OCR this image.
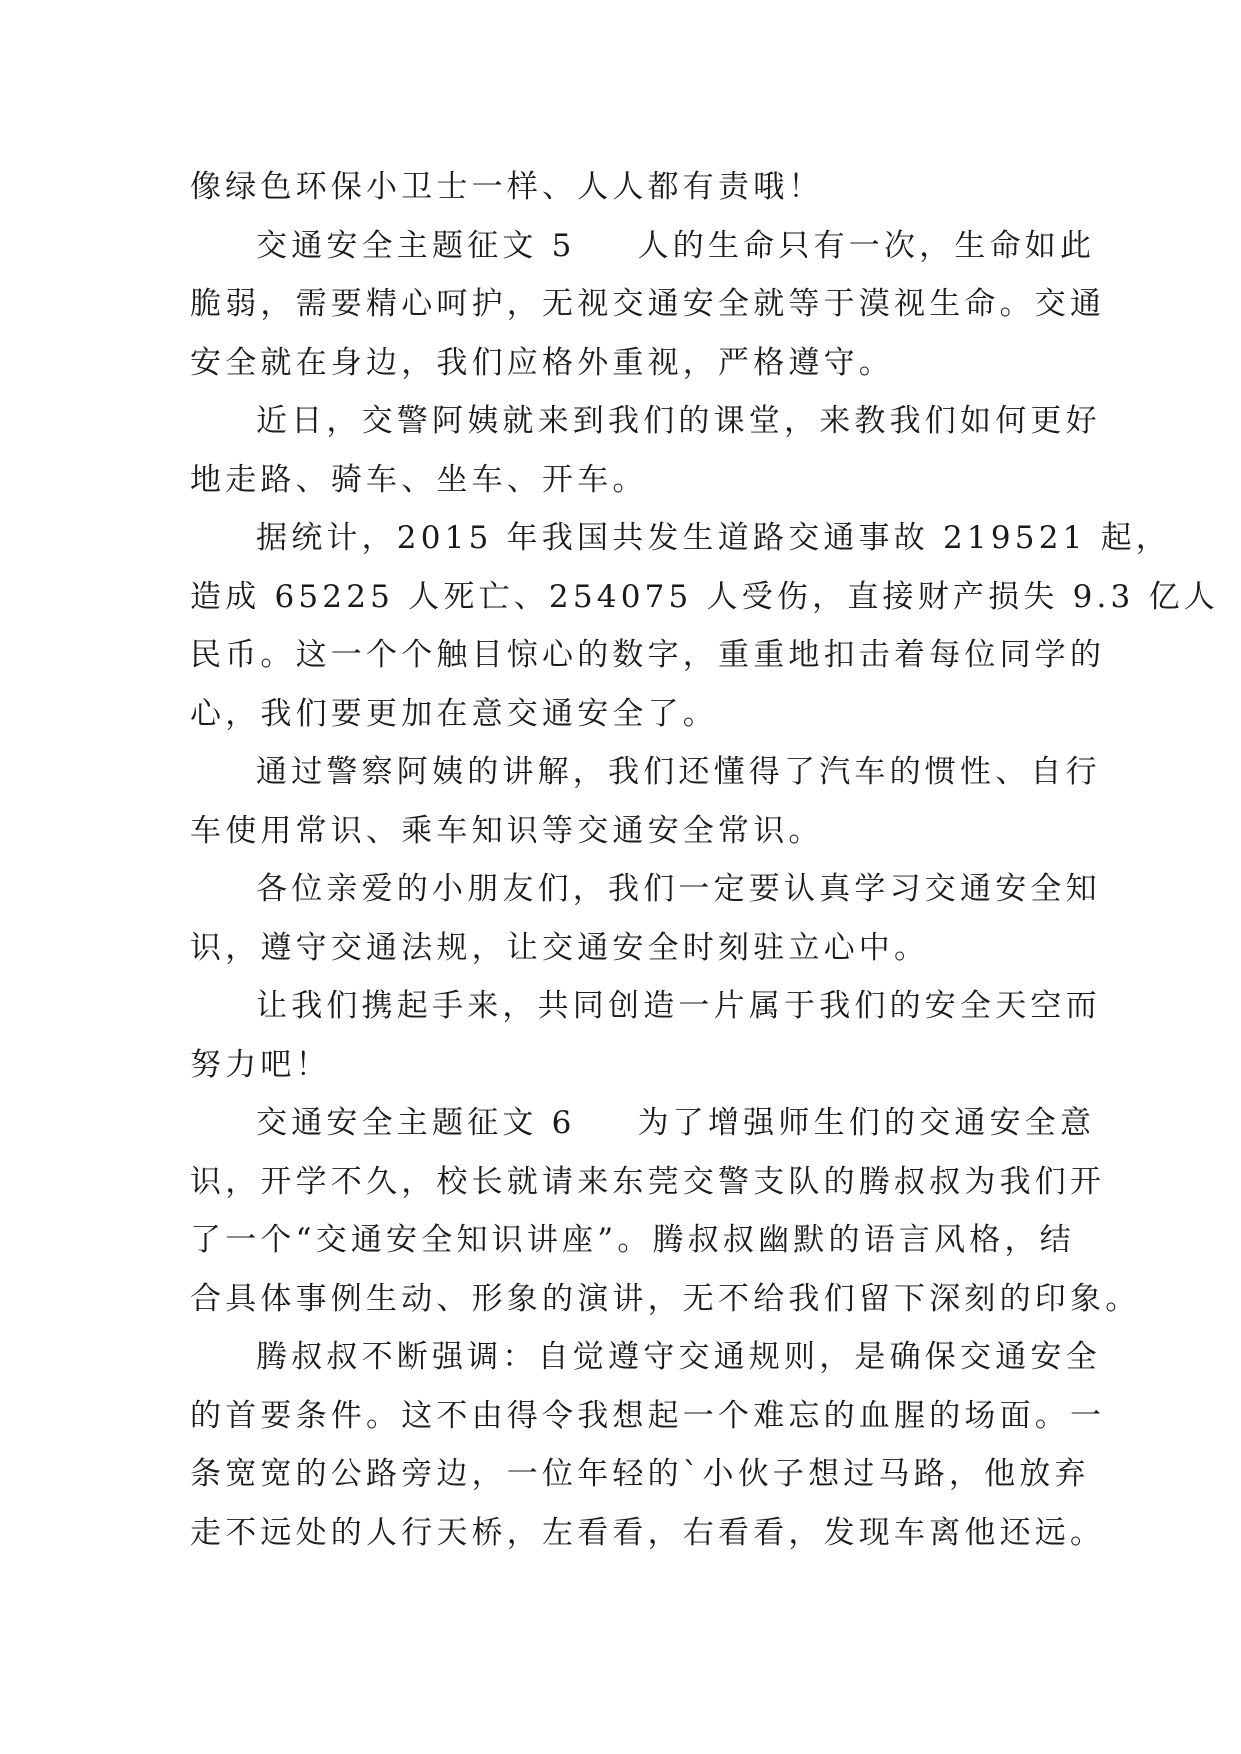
像绿色环保小卫士一样、人人都有责哦！
交通安全主题征文 5 人的生命只有一次，生命如此
脆弱，需要精心呵护，无视交通安全就等于漠视生命。交通
安全就在身边，我们应格外重视，严格遵守。
近日，交警阿姨就来到我们的课堂，来教我们如何更好
地走路、骑车、坐车、开车。
据统计，2015 年我国共发生道路交通事故 219521 起，
造成 65225 人死亡、254075 人受伤，直接财产损失 9.3 亿人
民币。这一个个触目惊心的数字，重重地扣击着每位同学的
心，我们要更加在意交通安全了。
通过警察阿姨的讲解，我们还懂得了汽车的惯性、自行
车使用常识、乘车知识等交通安全常识。
各位亲爱的小朋友们，我们一定要认真学习交通安全知
识，遵守交通法规，让交通安全时刻驻立心中。
让我们携起手来，共同创造一片属于我们的安全天空而
努力吧！
交通安全主题征文 6 为了增强师生们的交通安全意
识，开学不久，校长就请来东莞交警支队的腾叔叔为我们开
了一个“交通安全知识讲座”。腾叔叔幽默的语言风格，结
合具体事例生动、形象的演讲，无不给我们留下深刻的印象。
腾叔叔不断强调：自觉遵守交通规则，是确保交通安全
的首要条件。这不由得令我想起一个难忘的血腥的场面。一
条宽宽的公路旁边，一位年轻的`小伙子想过马路，他放弃
走不远处的人行天桥，左看看，右看看，发现车离他还远。
